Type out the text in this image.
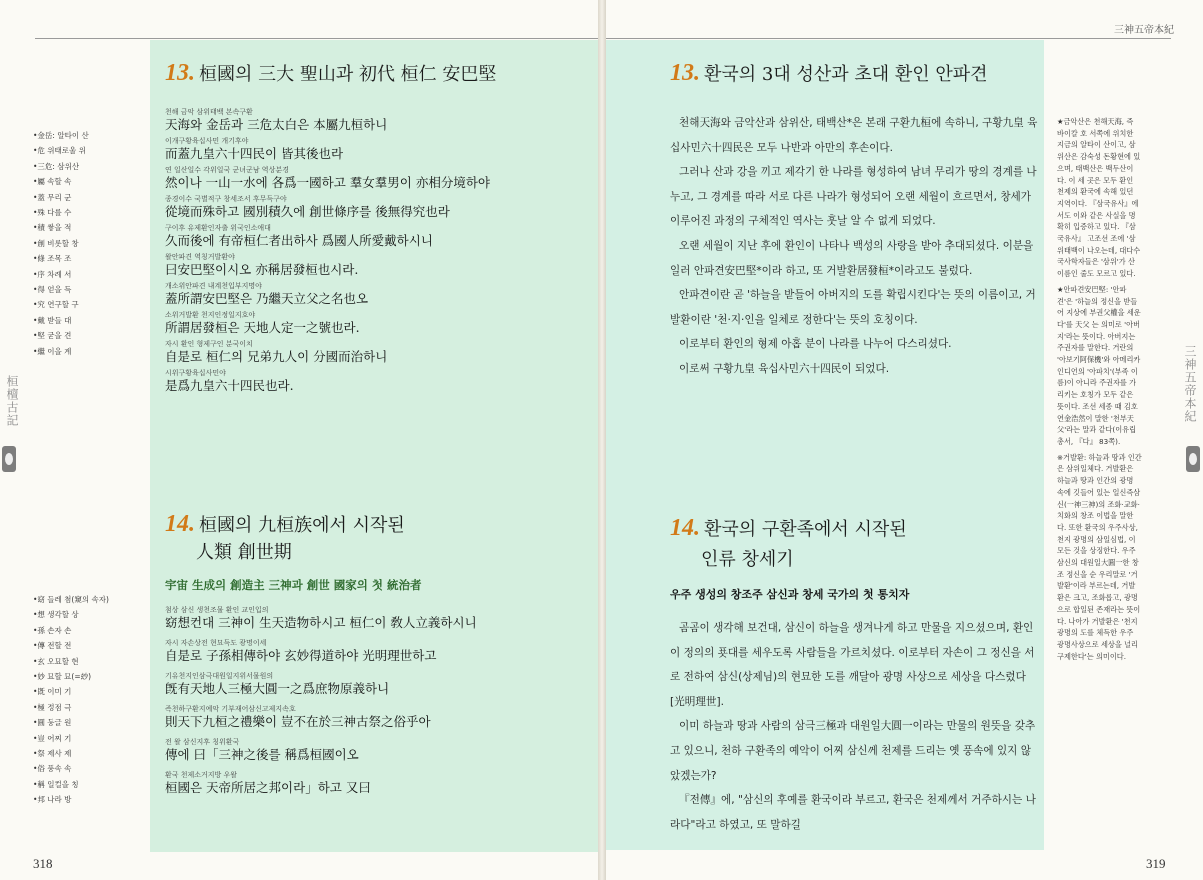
三神五帝本紀
•金岳: 알타이 산
•危 위태로울 위
•三危: 삼위산
•屬 속할 속
•蓋 무리 군
•殊 다를 수
•積 쌓을 적
•創 비롯할 창
•條 조목 조
•序 차례 서
•得 얻을 득
•究 연구할 구
•戴 받들 대
•堅 굳을 견
•繼 이을 계
•窈 들레 첨(窺의 속자)
•想 생각할 상
•孫 손자 손
•傳 전할 전
•玄 오묘할 현
•妙 묘할 묘(=玅)
•既 이미 기
•極 정점 극
•圓 둥글 원
•豈 어찌 기
•祭 제사 제
•俗 풍속 속
•稱 일컬을 칭
•邦 나라 방
桓檀古記	三神五帝本紀
13. 桓國의 三大 聖山과 初代 桓仁 安巴堅
천해 금악 삼위태백 본속구환
天海와 金岳과 三危太白은 本屬九桓하니
이개구황육십사민 개기후야
而蓋九皇六十四民이 皆其後也라
연 일산일수 각위일국 군녀군남 역상분경
然이나 一山一水에 各爲一國하고 羣女羣男이 亦相分境하야
종경이수 국별적구 창세조서 후무득구야
從境而殊하고 國別積久에 創世條序를 後無得究也라
구이후 유제환인자출 위국인소애대
久而後에 有帝桓仁者出하사 爲國人所愛戴하시니
왈안파견 역칭거발환야
曰安巴堅이시오 亦稱居發桓也시라.
개소위안파견 내계천입부지명야
蓋所謂安巴堅은 乃繼天立父之名也오
소위거발환 천지인정일지호야
所謂居發桓은 天地人定一之號也라.
자시 환인 형제구인 분국이치
自是로 桓仁의 兄弟九人이 分國而治하니
시위구황육십사민야
是爲九皇六十四民也라.
14. 桓國의 九桓族에서 시작된
人類 創世期
宇宙 生成의 創造主 三神과 創世 國家의 첫 統治者
첨상 삼신 생천조물 환인 교인입의
窈想컨대 三神이 生天造物하시고 桓仁이 敎人立義하시니
자시 자손상전 현묘득도 광명이세
自是로 子孫相傳하야 玄妙得道하야 光明理世하고
기유천지인삼극대원일지위서물원의
旣有天地人三極大圓一之爲庶物原義하니
즉천하구환지예악 기부재어삼신고제지속호
則天下九桓之禮樂이 豈不在於三神古祭之俗乎아
전 왈 삼신지후 칭위환국
傳에 曰「三神之後를 稱爲桓國이오
환국 천제소거지방 우왈
桓國은 天帝所居之邦이라」하고 又曰
13. 환국의 3대 성산과 초대 환인 안파견

천해天海와 금악산과 삼위산, 태백산*은 본래 구환九桓에 속하니, 구황九皇 육십사민六十四民은 모두 나반과 아만의 후손이다.

그러나 산과 강을 끼고 제각기 한 나라를 형성하여 남녀 무리가 땅의 경계를 나누고, 그 경계를 따라 서로 다른 나라가 형성되어 오랜 세월이 흐르면서, 창세가 이루어진 과정의 구체적인 역사는 훗날 알 수 없게 되었다.

오랜 세월이 지난 후에 환인이 나타나 백성의 사랑을 받아 추대되셨다. 이분을 일러 안파견安巴堅*이라 하고, 또 거발환居發桓*이라고도 불렀다.

안파견이란 곧 '하늘을 받들어 아버지의 도를 확립시킨다'는 뜻의 이름이고, 거발환이란 '천·지·인을 일체로 정한다'는 뜻의 호칭이다.

이로부터 환인의 형제 아홉 분이 나라를 나누어 다스리셨다.

이로써 구황九皇 육십사민六十四民이 되었다.

14. 환국의 구환족에서 시작된
인류 창세기
우주 생성의 창조주 삼신과 창세 국가의 첫 통치자

곰곰이 생각해 보건대, 삼신이 하늘을 생겨나게 하고 만물을 지으셨으며, 환인이 정의의 푯대를 세우도록 사람들을 가르치셨다. 이로부터 자손이 그 정신을 서로 전하여 삼신(상제님)의 현묘한 도를 깨달아 광명 사상으로 세상을 다스렸다[光明理世].

이미 하늘과 땅과 사람의 삼극三極과 대원일大圓一이라는 만물의 원뜻을 갖추고 있으니, 천하 구환족의 예악이 어찌 삼신께 천제를 드리는 옛 풍속에 있지 않았겠는가?

『전傳』에, "삼신의 후예를 환국이라 부르고, 환국은 천제께서 거주하시는 나라다"라고 하였고, 또 말하길

★금악산은 천해天海, 즉 바이칼 호 서쪽에 위치한 지금의 알타이 산이고, 삼위산은 감숙성 돈황현에 있으며, 태백산은 백두산이다. 이 세 곳은 모두 환인 천제의 환국에 속해 있던 지역이다. 『삼국유사』에서도 이와 같은 사실을 명확히 입증하고 있다. 『삼국유사』 고조선 조에 '삼위태백이 나오는데, 대다수 국사학자들은 '삼위'가 산 이름인 줄도 모르고 있다.

★안파견安巴堅: '안파견'은 '하늘의 정신을 받들어 지상에 부권父權을 세운다'를 天父 는 의미로 '아버지'라는 뜻이다. 아버지는 주권자를 말한다. 거란의 '아보기阿保機'와 아메리카 인디언의 '아파치'(부족 이름)이 아니라 주권자를 가리키는 호칭가 모두 같은 뜻이다. 조선 세종 때 김호연金浩然이 말한 '천부天父'라는 말과 같다(이유립총서, 『다』 83쪽).

※거발환: 하늘과 땅과 인간은 삼위일체다. 거발환은 하늘과 땅과 인간의 광명 속에 깃들어 있는 일신즉삼신(一神三神)의 조화·교화·치화의 창조 이법을 말한다. 또한 환국의 우주사상, 천지 광명의 삼일심법, 이 모든 것을 상징한다. 우주 삼신의 대원일大圓一한 창조 정신을 순 우리말로 '거발환'이라 부르는데, 거발환은 크고, 조화롭고, 광명으로 합일된 존재라는 뜻이다. 나아가 거발환은 '천지광명의 도를 체득한 우주 광명사상으로 세상을 널리 구제한다'는 의미이다.

318	319
